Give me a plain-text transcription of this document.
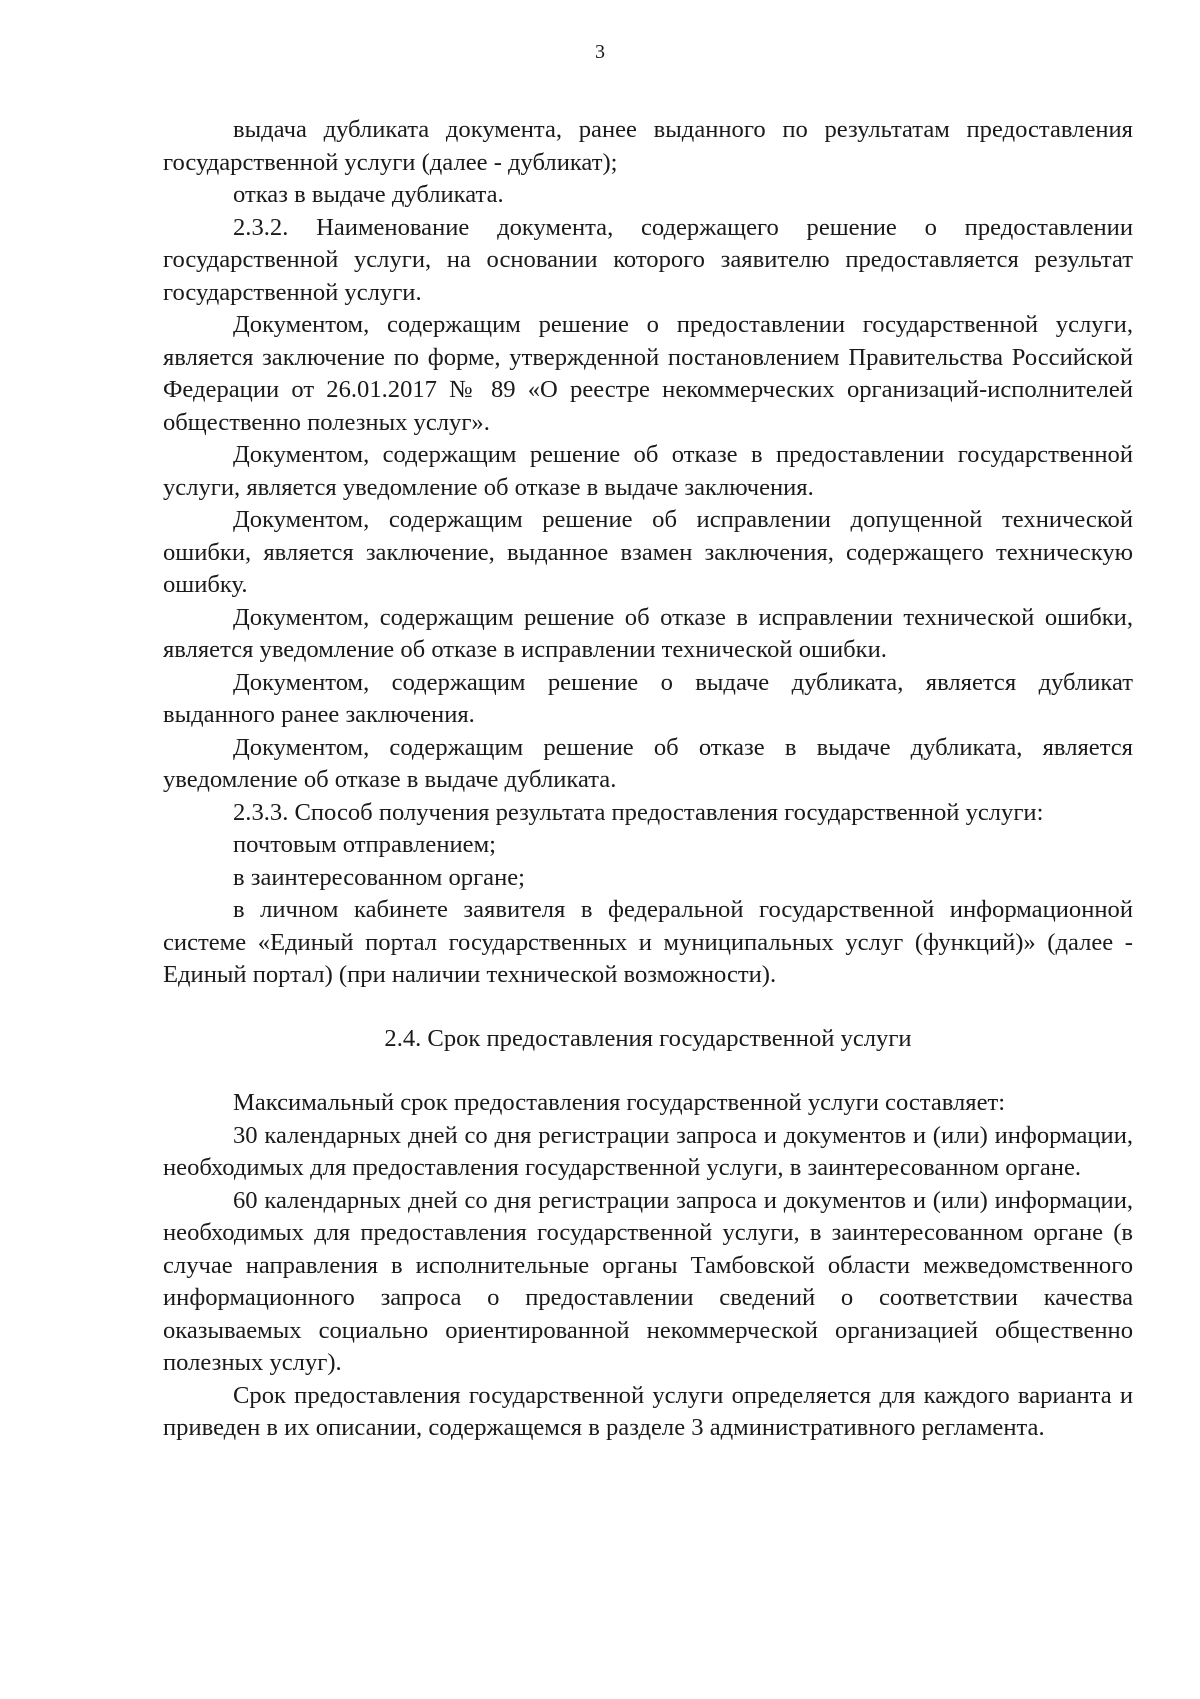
3

выдача дубликата документа, ранее выданного по результатам предоставления государственной услуги (далее - дубликат);

отказ в выдаче дубликата.

2.3.2. Наименование документа, содержащего решение о предоставлении государственной услуги, на основании которого заявителю предоставляется результат государственной услуги.

Документом, содержащим решение о предоставлении государственной услуги, является заключение по форме, утвержденной постановлением Правительства Российской Федерации от 26.01.2017 № 89 «О реестре некоммерческих организаций-исполнителей общественно полезных услуг».

Документом, содержащим решение об отказе в предоставлении государственной услуги, является уведомление об отказе в выдаче заключения.

Документом, содержащим решение об исправлении допущенной технической ошибки, является заключение, выданное взамен заключения, содержащего техническую ошибку.

Документом, содержащим решение об отказе в исправлении технической ошибки, является уведомление об отказе в исправлении технической ошибки.

Документом, содержащим решение о выдаче дубликата, является дубликат выданного ранее заключения.

Документом, содержащим решение об отказе в выдаче дубликата, является уведомление об отказе в выдаче дубликата.

2.3.3. Способ получения результата предоставления государственной услуги:

почтовым отправлением;

в заинтересованном органе;

в личном кабинете заявителя в федеральной государственной информационной системе «Единый портал государственных и муниципальных услуг (функций)» (далее - Единый портал) (при наличии технической возможности).

2.4. Срок предоставления государственной услуги

Максимальный срок предоставления государственной услуги составляет:

30 календарных дней со дня регистрации запроса и документов и (или) информации, необходимых для предоставления государственной услуги, в заинтересованном органе.

60 календарных дней со дня регистрации запроса и документов и (или) информации, необходимых для предоставления государственной услуги, в заинтересованном органе (в случае направления в исполнительные органы Тамбовской области межведомственного информационного запроса о предоставлении сведений о соответствии качества оказываемых социально ориентированной некоммерческой организацией общественно полезных услуг).

Срок предоставления государственной услуги определяется для каждого варианта и приведен в их описании, содержащемся в разделе 3 административного регламента.
